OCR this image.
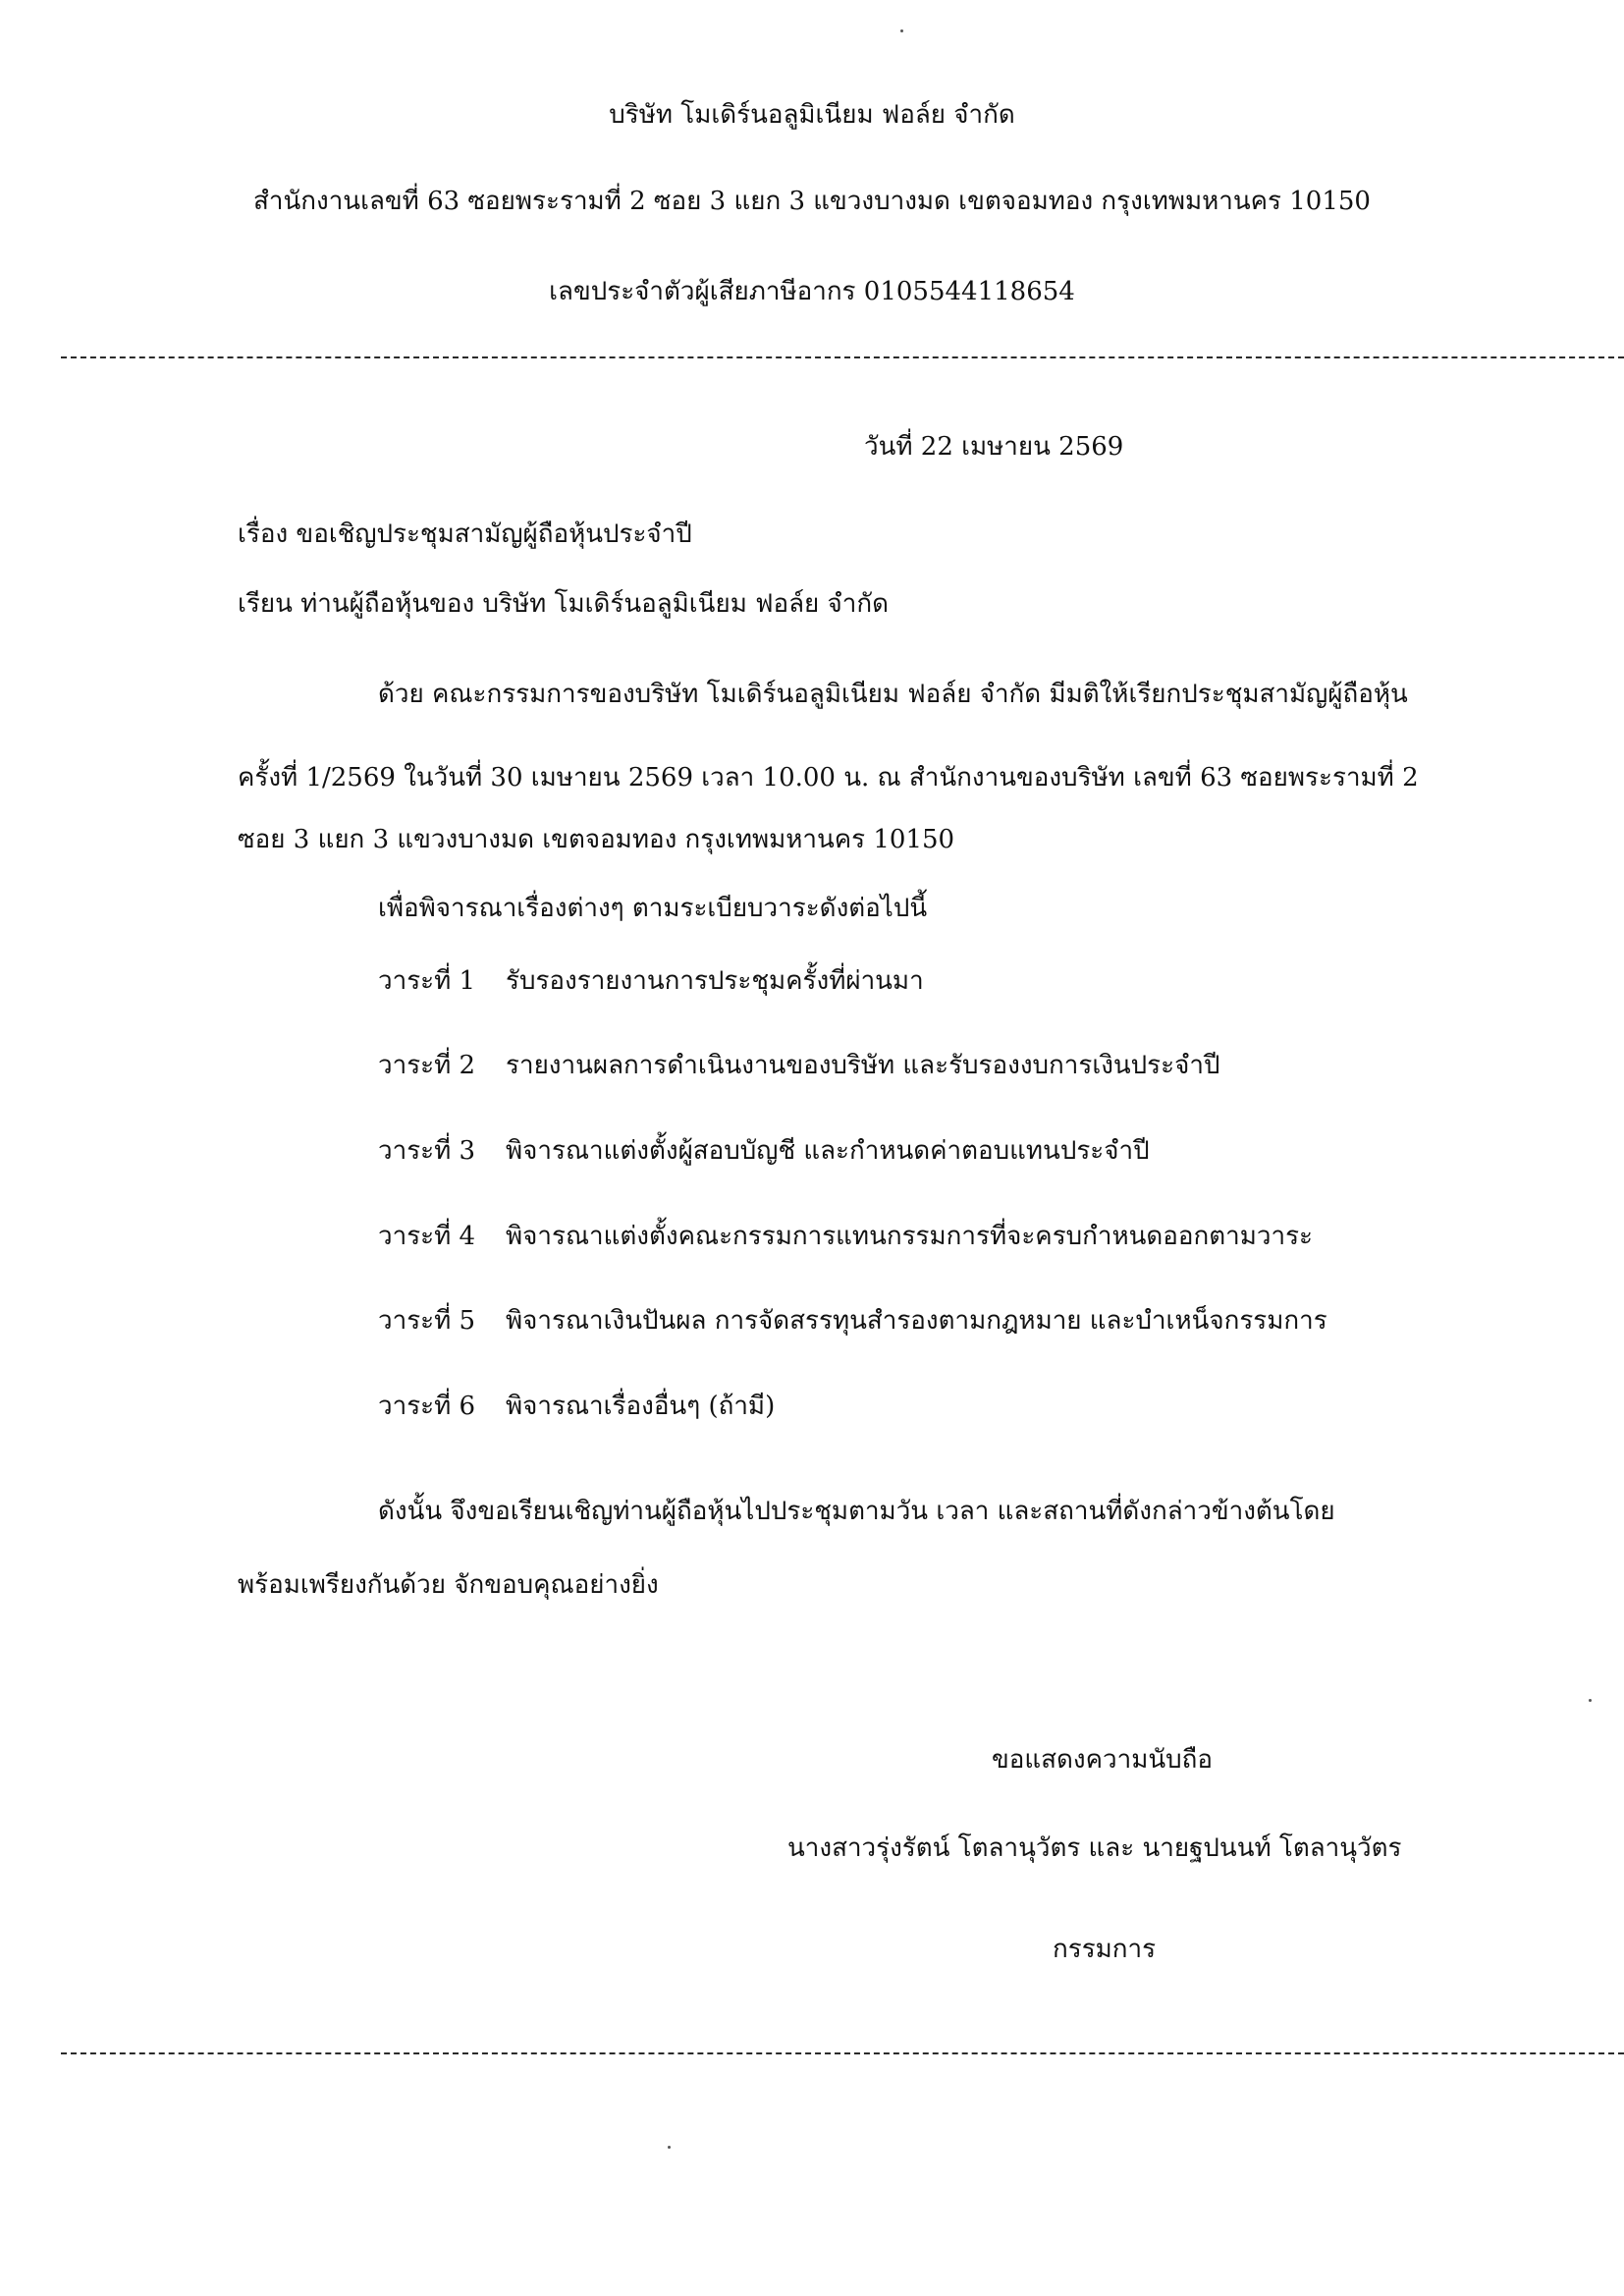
บริษัท โมเดิร์นอลูมิเนียม ฟอล์ย จำกัด

สำนักงานเลขที่ 63 ซอยพระรามที่ 2 ซอย 3 แยก 3 แขวงบางมด เขตจอมทอง กรุงเทพมหานคร 10150

เลขประจำตัวผู้เสียภาษีอากร 0105544118654

วันที่ 22 เมษายน 2569

เรื่อง ขอเชิญประชุมสามัญผู้ถือหุ้นประจำปี

เรียน ท่านผู้ถือหุ้นของ บริษัท โมเดิร์นอลูมิเนียม ฟอล์ย จำกัด

ด้วย คณะกรรมการของบริษัท โมเดิร์นอลูมิเนียม ฟอล์ย จำกัด มีมติให้เรียกประชุมสามัญผู้ถือหุ้น

ครั้งที่ 1/2569 ในวันที่ 30 เมษายน 2569 เวลา 10.00 น. ณ สำนักงานของบริษัท เลขที่ 63 ซอยพระรามที่ 2

ซอย 3 แยก 3 แขวงบางมด เขตจอมทอง กรุงเทพมหานคร 10150

เพื่อพิจารณาเรื่องต่างๆ ตามระเบียบวาระดังต่อไปนี้

วาระที่ 1 รับรองรายงานการประชุมครั้งที่ผ่านมา

วาระที่ 2 รายงานผลการดำเนินงานของบริษัท และรับรองงบการเงินประจำปี

วาระที่ 3 พิจารณาแต่งตั้งผู้สอบบัญชี และกำหนดค่าตอบแทนประจำปี

วาระที่ 4 พิจารณาแต่งตั้งคณะกรรมการแทนกรรมการที่จะครบกำหนดออกตามวาระ

วาระที่ 5 พิจารณาเงินปันผล การจัดสรรทุนสำรองตามกฎหมาย และบำเหน็จกรรมการ

วาระที่ 6 พิจารณาเรื่องอื่นๆ (ถ้ามี)

ดังนั้น จึงขอเรียนเชิญท่านผู้ถือหุ้นไปประชุมตามวัน เวลา และสถานที่ดังกล่าวข้างต้นโดย

พร้อมเพรียงกันด้วย จักขอบคุณอย่างยิ่ง

ขอแสดงความนับถือ

นางสาวรุ่งรัตน์ โตลานุวัตร และ นายฐปนนท์ โตลานุวัตร

กรรมการ
